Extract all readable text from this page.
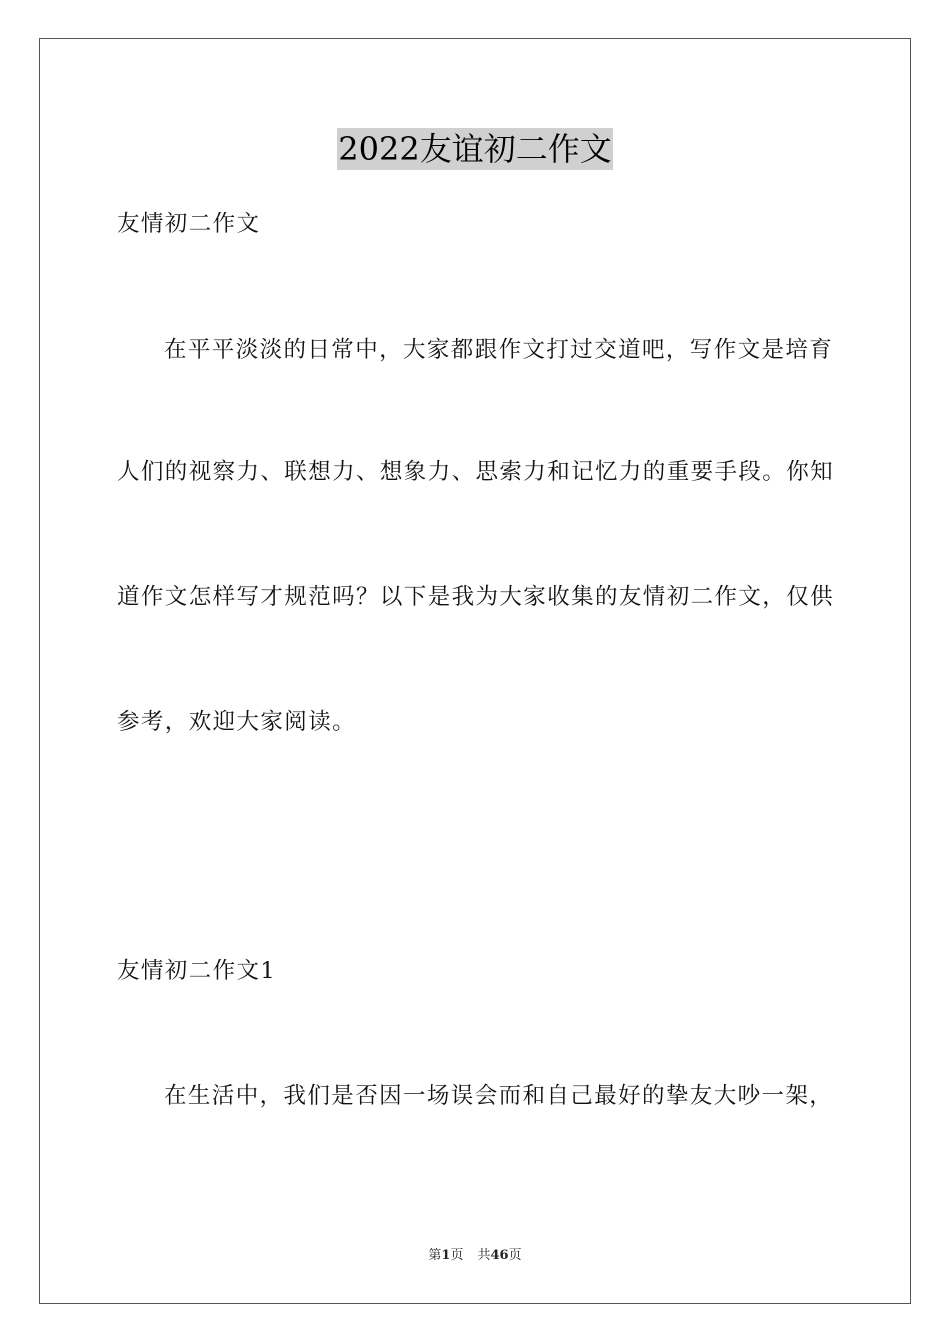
2022友谊初二作文
友情初二作文
在平平淡淡的日常中，大家都跟作文打过交道吧，写作文是培育
人们的视察力、联想力、想象力、思索力和记忆力的重要手段。你知
道作文怎样写才规范吗？以下是我为大家收集的友情初二作文，仅供
参考，欢迎大家阅读。
友情初二作文1
在生活中，我们是否因一场误会而和自己最好的挚友大吵一架，
第1页 共46页
